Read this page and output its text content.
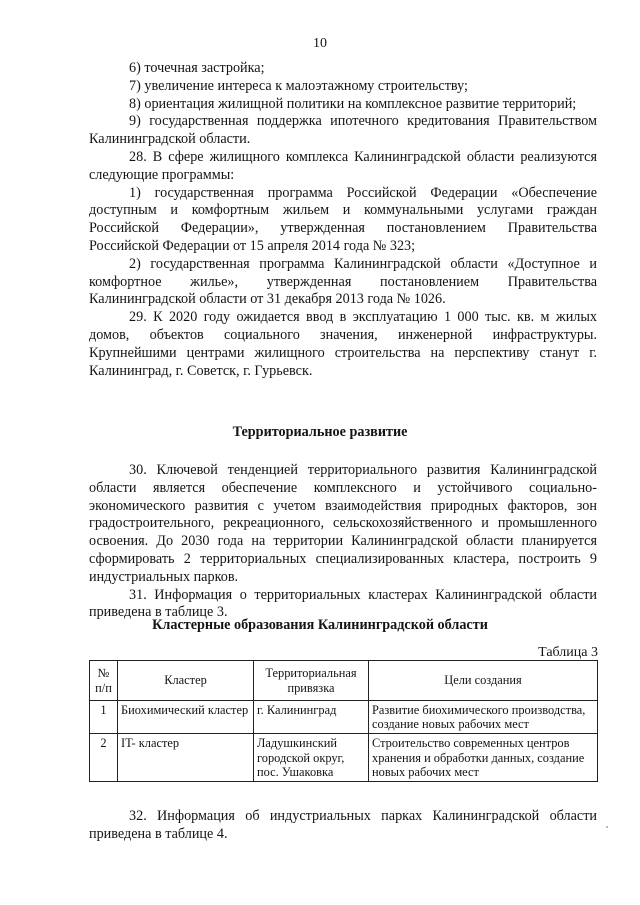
10

6) точечная застройка;

7) увеличение интереса к малоэтажному строительству;

8) ориентация жилищной политики на комплексное развитие территорий;

9) государственная поддержка ипотечного кредитования Правительством Калининградской области.

28. В сфере жилищного комплекса Калининградской области реализуются следующие программы:

1) государственная программа Российской Федерации «Обеспечение доступным и комфортным жильем и коммунальными услугами граждан Российской Федерации», утвержденная постановлением Правительства Российской Федерации от 15 апреля 2014 года № 323;

2) государственная программа Калининградской области «Доступное и комфортное жилье», утвержденная постановлением Правительства Калининградской области от 31 декабря 2013 года № 1026.

29. К 2020 году ожидается ввод в эксплуатацию 1 000 тыс. кв. м жилых домов, объектов социального значения, инженерной инфраструктуры. Крупнейшими центрами жилищного строительства на перспективу станут г. Калининград, г. Советск, г. Гурьевск.

Территориальное развитие

30. Ключевой тенденцией территориального развития Калининградской области является обеспечение комплексного и устойчивого социально-экономического развития с учетом взаимодействия природных факторов, зон градостроительного, рекреационного, сельскохозяйственного и промышленного освоения. До 2030 года на территории Калининградской области планируется сформировать 2 территориальных специализированных кластера, построить 9 индустриальных парков.

31. Информация о территориальных кластерах Калининградской области приведена в таблице 3.

Кластерные образования Калининградской области
Таблица 3
№ п/п	Кластер	Территориальная привязка	Цели создания
1	Биохимический кластер	г. Калининград	Развитие биохимического производства, создание новых рабочих мест
2	IT- кластер	Ладушкинский городской округ, пос. Ушаковка	Строительство современных центров хранения и обработки данных, создание новых рабочих мест

32. Информация об индустриальных парках Калининградской области приведена в таблице 4.
